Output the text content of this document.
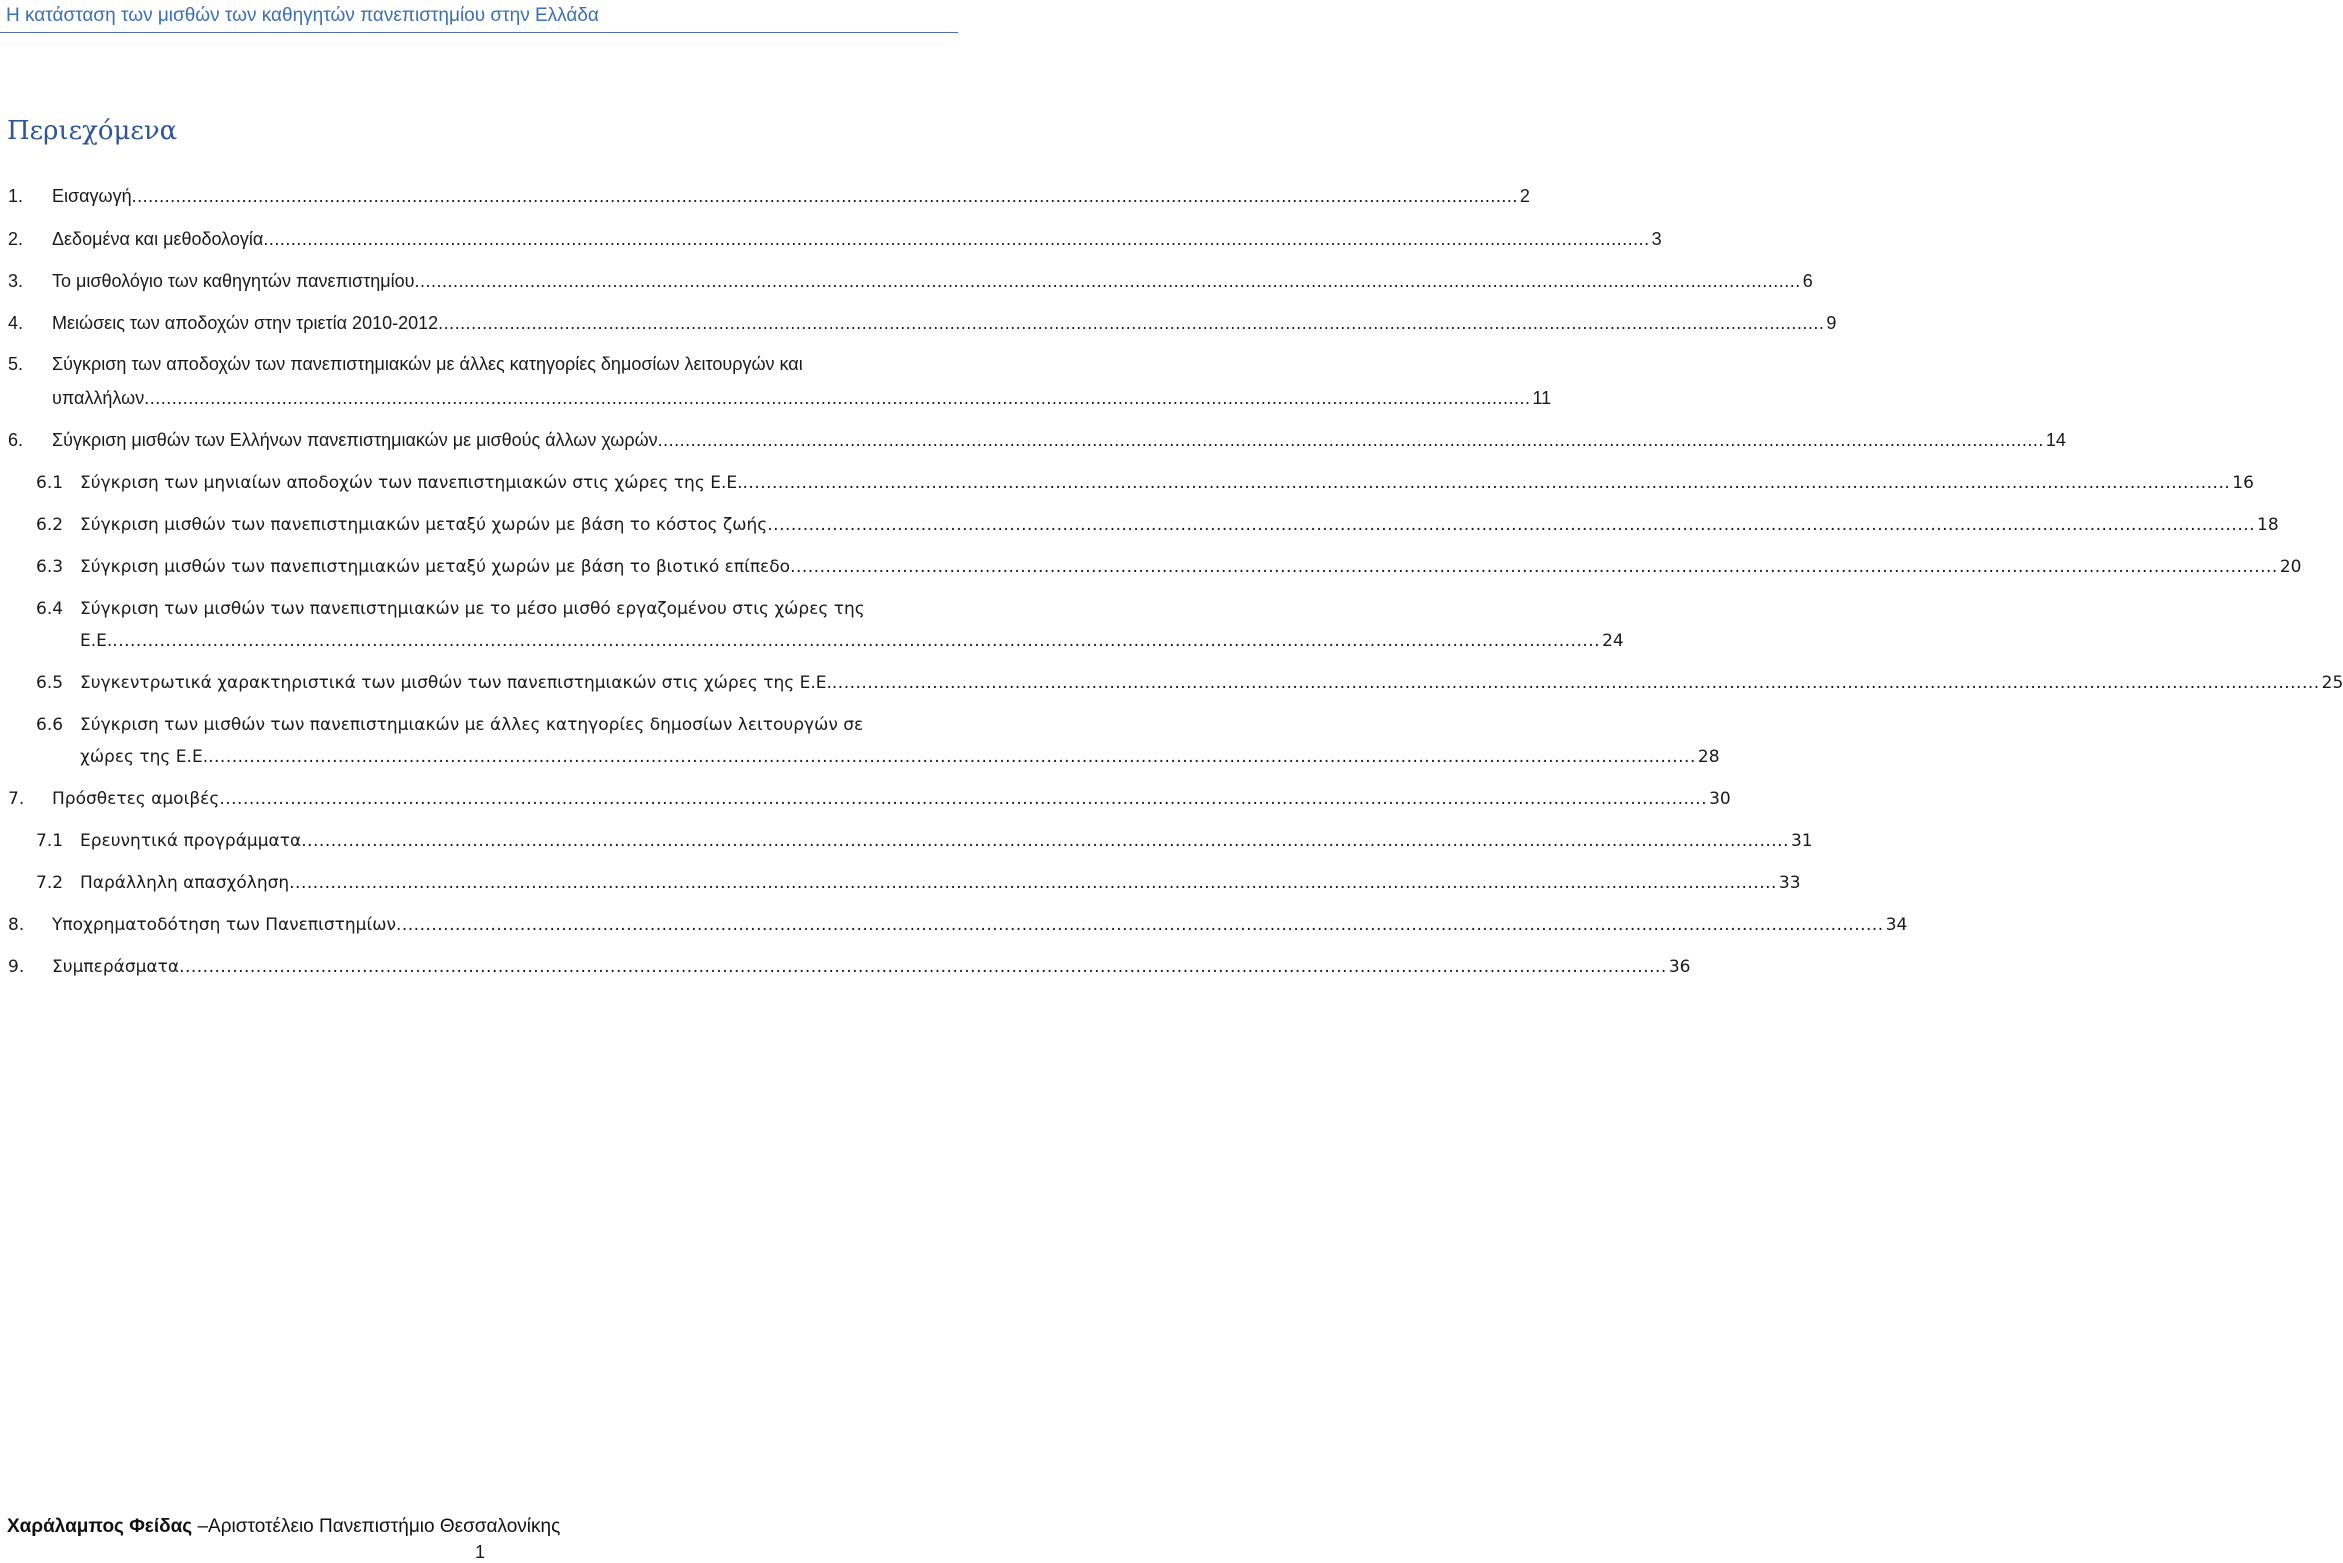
Η κατάσταση των μισθών των καθηγητών πανεπιστημίου στην Ελλάδα
Περιεχόμενα
1. Εισαγωγή ............................................................................................................................................................................................................................................................ 2
2. Δεδομένα και μεθοδολογία ............................................................................................................................................................................................................................................................ 3
3. Το μισθολόγιο των καθηγητών πανεπιστημίου ............................................................................................................................................................................................................................................................ 6
4. Μειώσεις των αποδοχών στην τριετία 2010-2012 ............................................................................................................................................................................................................................................................ 9
5. Σύγκριση των αποδοχών των πανεπιστημιακών με άλλες κατηγορίες δημοσίων λειτουργών και
υπαλλήλων ............................................................................................................................................................................................................................................................ 11
6. Σύγκριση μισθών των Ελλήνων πανεπιστημιακών με μισθούς άλλων χωρών ............................................................................................................................................................................................................................................................ 14
6.1 Σύγκριση των μηνιαίων αποδοχών των πανεπιστημιακών στις χώρες της Ε.Ε. ............................................................................................................................................................................................................................................................ 16
6.2 Σύγκριση μισθών των πανεπιστημιακών μεταξύ χωρών με βάση το κόστος ζωής ............................................................................................................................................................................................................................................................ 18
6.3 Σύγκριση μισθών των πανεπιστημιακών μεταξύ χωρών με βάση το βιοτικό επίπεδο ............................................................................................................................................................................................................................................................ 20
6.4 Σύγκριση των μισθών των πανεπιστημιακών με το μέσο μισθό εργαζομένου στις χώρες της
Ε.Ε. ............................................................................................................................................................................................................................................................ 24
6.5 Συγκεντρωτικά χαρακτηριστικά των μισθών των πανεπιστημιακών στις χώρες της Ε.Ε. ............................................................................................................................................................................................................................................................ 25
6.6 Σύγκριση των μισθών των πανεπιστημιακών με άλλες κατηγορίες δημοσίων λειτουργών σε
χώρες της Ε.Ε. ............................................................................................................................................................................................................................................................ 28
7. Πρόσθετες αμοιβές ............................................................................................................................................................................................................................................................ 30
7.1 Ερευνητικά προγράμματα ............................................................................................................................................................................................................................................................ 31
7.2 Παράλληλη απασχόληση ............................................................................................................................................................................................................................................................ 33
8. Υποχρηματοδότηση των Πανεπιστημίων ............................................................................................................................................................................................................................................................ 34
9. Συμπεράσματα ............................................................................................................................................................................................................................................................ 36
Χαράλαμπος Φείδας –Αριστοτέλειο Πανεπιστήμιο Θεσσαλονίκης
1
